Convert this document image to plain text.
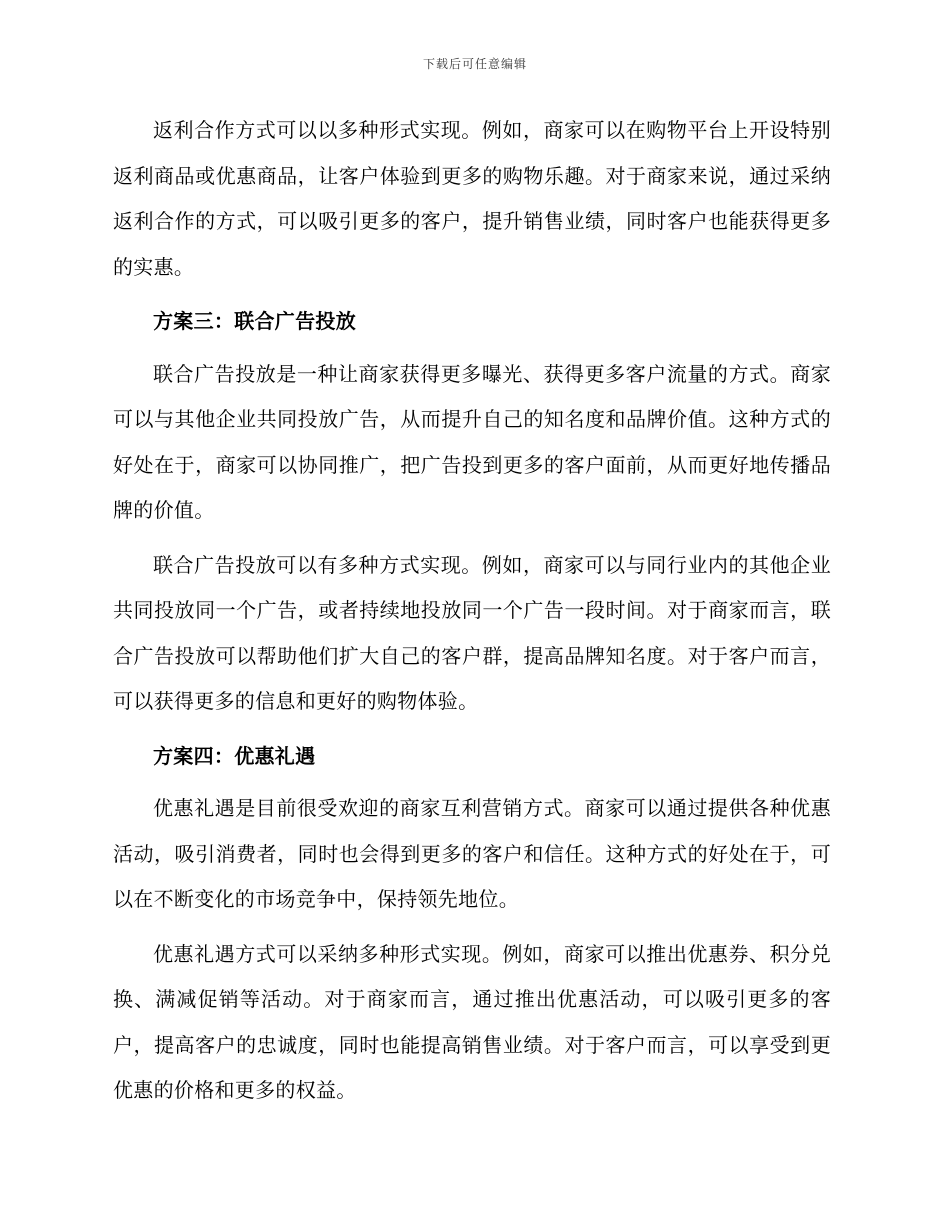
下载后可任意编辑

返利合作方式可以以多种形式实现。例如，商家可以在购物平台上开设特别返利商品或优惠商品，让客户体验到更多的购物乐趣。对于商家来说，通过采纳返利合作的方式，可以吸引更多的客户，提升销售业绩，同时客户也能获得更多的实惠。

方案三：联合广告投放

联合广告投放是一种让商家获得更多曝光、获得更多客户流量的方式。商家可以与其他企业共同投放广告，从而提升自己的知名度和品牌价值。这种方式的好处在于，商家可以协同推广，把广告投到更多的客户面前，从而更好地传播品牌的价值。

联合广告投放可以有多种方式实现。例如，商家可以与同行业内的其他企业共同投放同一个广告，或者持续地投放同一个广告一段时间。对于商家而言，联合广告投放可以帮助他们扩大自己的客户群，提高品牌知名度。对于客户而言，可以获得更多的信息和更好的购物体验。

方案四：优惠礼遇

优惠礼遇是目前很受欢迎的商家互利营销方式。商家可以通过提供各种优惠活动，吸引消费者，同时也会得到更多的客户和信任。这种方式的好处在于，可以在不断变化的市场竞争中，保持领先地位。

优惠礼遇方式可以采纳多种形式实现。例如，商家可以推出优惠券、积分兑换、满减促销等活动。对于商家而言，通过推出优惠活动，可以吸引更多的客户，提高客户的忠诚度，同时也能提高销售业绩。对于客户而言，可以享受到更优惠的价格和更多的权益。
